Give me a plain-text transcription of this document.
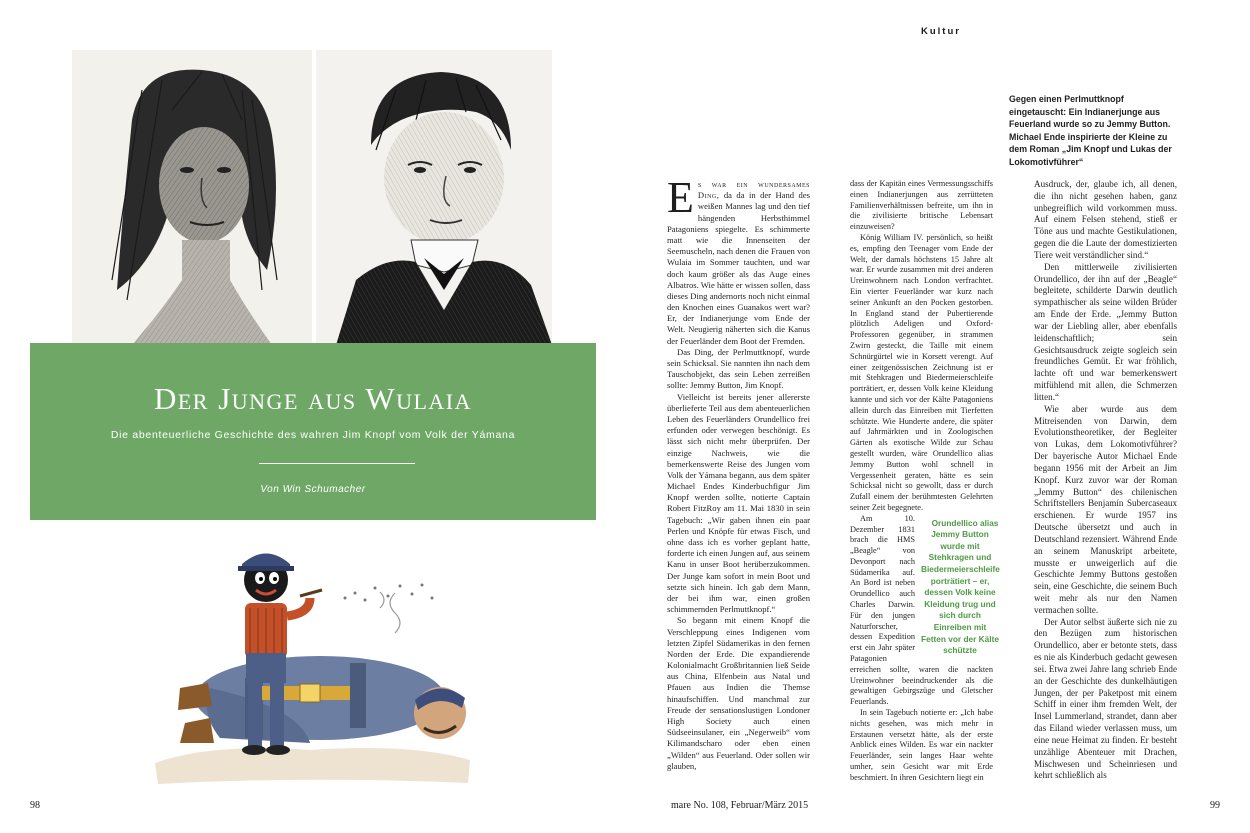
Der Junge aus Wulaia
Die abenteuerliche Geschichte des wahren Jim Knopf vom Volk der Yámana
Von Win Schumacher
98
Kultur
Gegen einen Perlmuttknopf eingetauscht: Ein Indianerjunge aus Feuerland wurde so zu Jemmy Button. Michael Ende inspirierte der Kleine zu dem Roman „Jim Knopf und Lukas der Lokomotivführer“

Es war ein wundersames Ding, da da in der Hand des weißen Mannes lag und den tief hängenden Herbsthimmel Patagoniens spiegelte. Es schimmerte matt wie die Innenseiten der Seemuscheln, nach denen die Frauen von Wulaia im Sommer tauchten, und war doch kaum größer als das Auge eines Albatros. Wie hätte er wissen sollen, dass dieses Ding andernorts noch nicht einmal den Knochen eines Guanakos wert war? Er, der Indianerjunge vom Ende der Welt. Neugierig näherten sich die Kanus der Feuerländer dem Boot der Fremden.

Das Ding, der Perlmuttknopf, wurde sein Schicksal. Sie nannten ihn nach dem Tauschobjekt, das sein Leben zerreißen sollte: Jemmy Button, Jim Knopf.

Vielleicht ist bereits jener allererste überlieferte Teil aus dem abenteuerlichen Leben des Feuerländers Orundellico frei erfunden oder verwegen beschönigt. Es lässt sich nicht mehr überprüfen. Der einzige Nachweis, wie die bemerkenswerte Reise des Jungen vom Volk der Yámana begann, aus dem später Michael Endes Kinderbuchfigur Jim Knopf werden sollte, notierte Captain Robert FitzRoy am 11. Mai 1830 in sein Tagebuch: „Wir gaben ihnen ein paar Perlen und Knöpfe für etwas Fisch, und ohne dass ich es vorher geplant hatte, forderte ich einen Jungen auf, aus seinem Kanu in unser Boot herüberzukommen. Der Junge kam sofort in mein Boot und setzte sich hinein. Ich gab dem Mann, der bei ihm war, einen großen schimmernden Perlmuttknopf.“

So begann mit einem Knopf die Verschleppung eines Indigenen vom letzten Zipfel Südamerikas in den fernen Norden der Erde. Die expandierende Kolonialmacht Großbritannien ließ Seide aus China, Elfenbein aus Natal und Pfauen aus Indien die Themse hinaufschiffen. Und manchmal zur Freude der sensationslustigen Londoner High Society auch einen Südseeinsulaner, ein „Negerweib“ vom Kilimandscharo oder eben einen „Wilden“ aus Feuerland. Oder sollen wir glauben,

dass der Kapitän eines Vermessungsschiffs einen Indianerjungen aus zerrütteten Familienverhältnissen befreite, um ihn in die zivilisierte britische Lebensart einzuweisen?

König William IV. persönlich, so heißt es, empfing den Teenager vom Ende der Welt, der damals höchstens 15 Jahre alt war. Er wurde zusammen mit drei anderen Ureinwohnern nach London verfrachtet. Ein vierter Feuerländer war kurz nach seiner Ankunft an den Pocken gestorben. In England stand der Pubertierende plötzlich Adeligen und Oxford-Professoren gegenüber, in strammen Zwirn gesteckt, die Taille mit einem Schnürgürtel wie in Korsett verengt. Auf einer zeitgenössischen Zeichnung ist er mit Stehkragen und Biedermeierschleife porträtiert, er, dessen Volk keine Kleidung kannte und sich vor der Kälte Patagoniens allein durch das Einreiben mit Tierfetten schützte. Wie Hunderte andere, die später auf Jahrmärkten und in Zoologischen Gärten als exotische Wilde zur Schau gestellt wurden, wäre Orundellico alias Jemmy Button wohl schnell in Vergessenheit geraten, hätte es sein Schicksal nicht so gewollt, dass er durch Zufall einem der berühmtesten Gelehrten seiner Zeit begegnete.

Orundellico alias Jemmy Button wurde mit Stehkragen und Biedermeierschleife porträtiert – er, dessen Volk keine Kleidung trug und sich durch Einreiben mit Fetten vor der Kälte schützte
Am 10. Dezember 1831 brach die HMS „Beagle“ von Devonport nach Südamerika auf. An Bord ist neben Orundellico auch Charles Darwin. Für den jungen Naturforscher, dessen Expedition erst ein Jahr später Patagonien erreichen sollte, waren die nackten Ureinwohner beeindruckender als die gewaltigen Gebirgszüge und Gletscher Feuerlands.

In sein Tagebuch notierte er: „Ich habe nichts gesehen, was mich mehr in Erstaunen versetzt hätte, als der erste Anblick eines Wilden. Es war ein nackter Feuerländer, sein langes Haar wehte umher, sein Gesicht war mit Erde beschmiert. In ihren Gesichtern liegt ein

Ausdruck, der, glaube ich, all denen, die ihn nicht gesehen haben, ganz unbegreiflich wild vorkommen muss. Auf einem Felsen stehend, stieß er Töne aus und machte Gestikulationen, gegen die die Laute der domestizierten Tiere weit verständlicher sind.“

Den mittlerweile zivilisierten Orundellico, der ihn auf der „Beagle“ begleitete, schilderte Darwin deutlich sympathischer als seine wilden Brüder am Ende der Erde. „Jemmy Button war der Liebling aller, aber ebenfalls leidenschaftlich; sein Gesichtsausdruck zeigte sogleich sein freundliches Gemüt. Er war fröhlich, lachte oft und war bemerkenswert mitfühlend mit allen, die Schmerzen litten.“

Wie aber wurde aus dem Mitreisenden von Darwin, dem Evolutionstheoretiker, der Begleiter von Lukas, dem Lokomotivführer? Der bayerische Autor Michael Ende begann 1956 mit der Arbeit an Jim Knopf. Kurz zuvor war der Roman „Jemmy Button“ des chilenischen Schriftstellers Benjamín Subercaseaux erschienen. Er wurde 1957 ins Deutsche übersetzt und auch in Deutschland rezensiert. Während Ende an seinem Manuskript arbeitete, musste er unweigerlich auf die Geschichte Jemmy Buttons gestoßen sein, eine Geschichte, die seinem Buch weit mehr als nur den Namen vermachen sollte.

Der Autor selbst äußerte sich nie zu den Bezügen zum historischen Orundellico, aber er betonte stets, dass es nie als Kinderbuch gedacht gewesen sei. Etwa zwei Jahre lang schrieb Ende an der Geschichte des dunkelhäutigen Jungen, der per Paketpost mit einem Schiff in einer ihm fremden Welt, der Insel Lummerland, strandet, dann aber das Eiland wieder verlassen muss, um eine neue Heimat zu finden. Er besteht unzählige Abenteuer mit Drachen, Mischwesen und Scheinriesen und kehrt schließlich als

mare No. 108, Februar/März 2015	99
